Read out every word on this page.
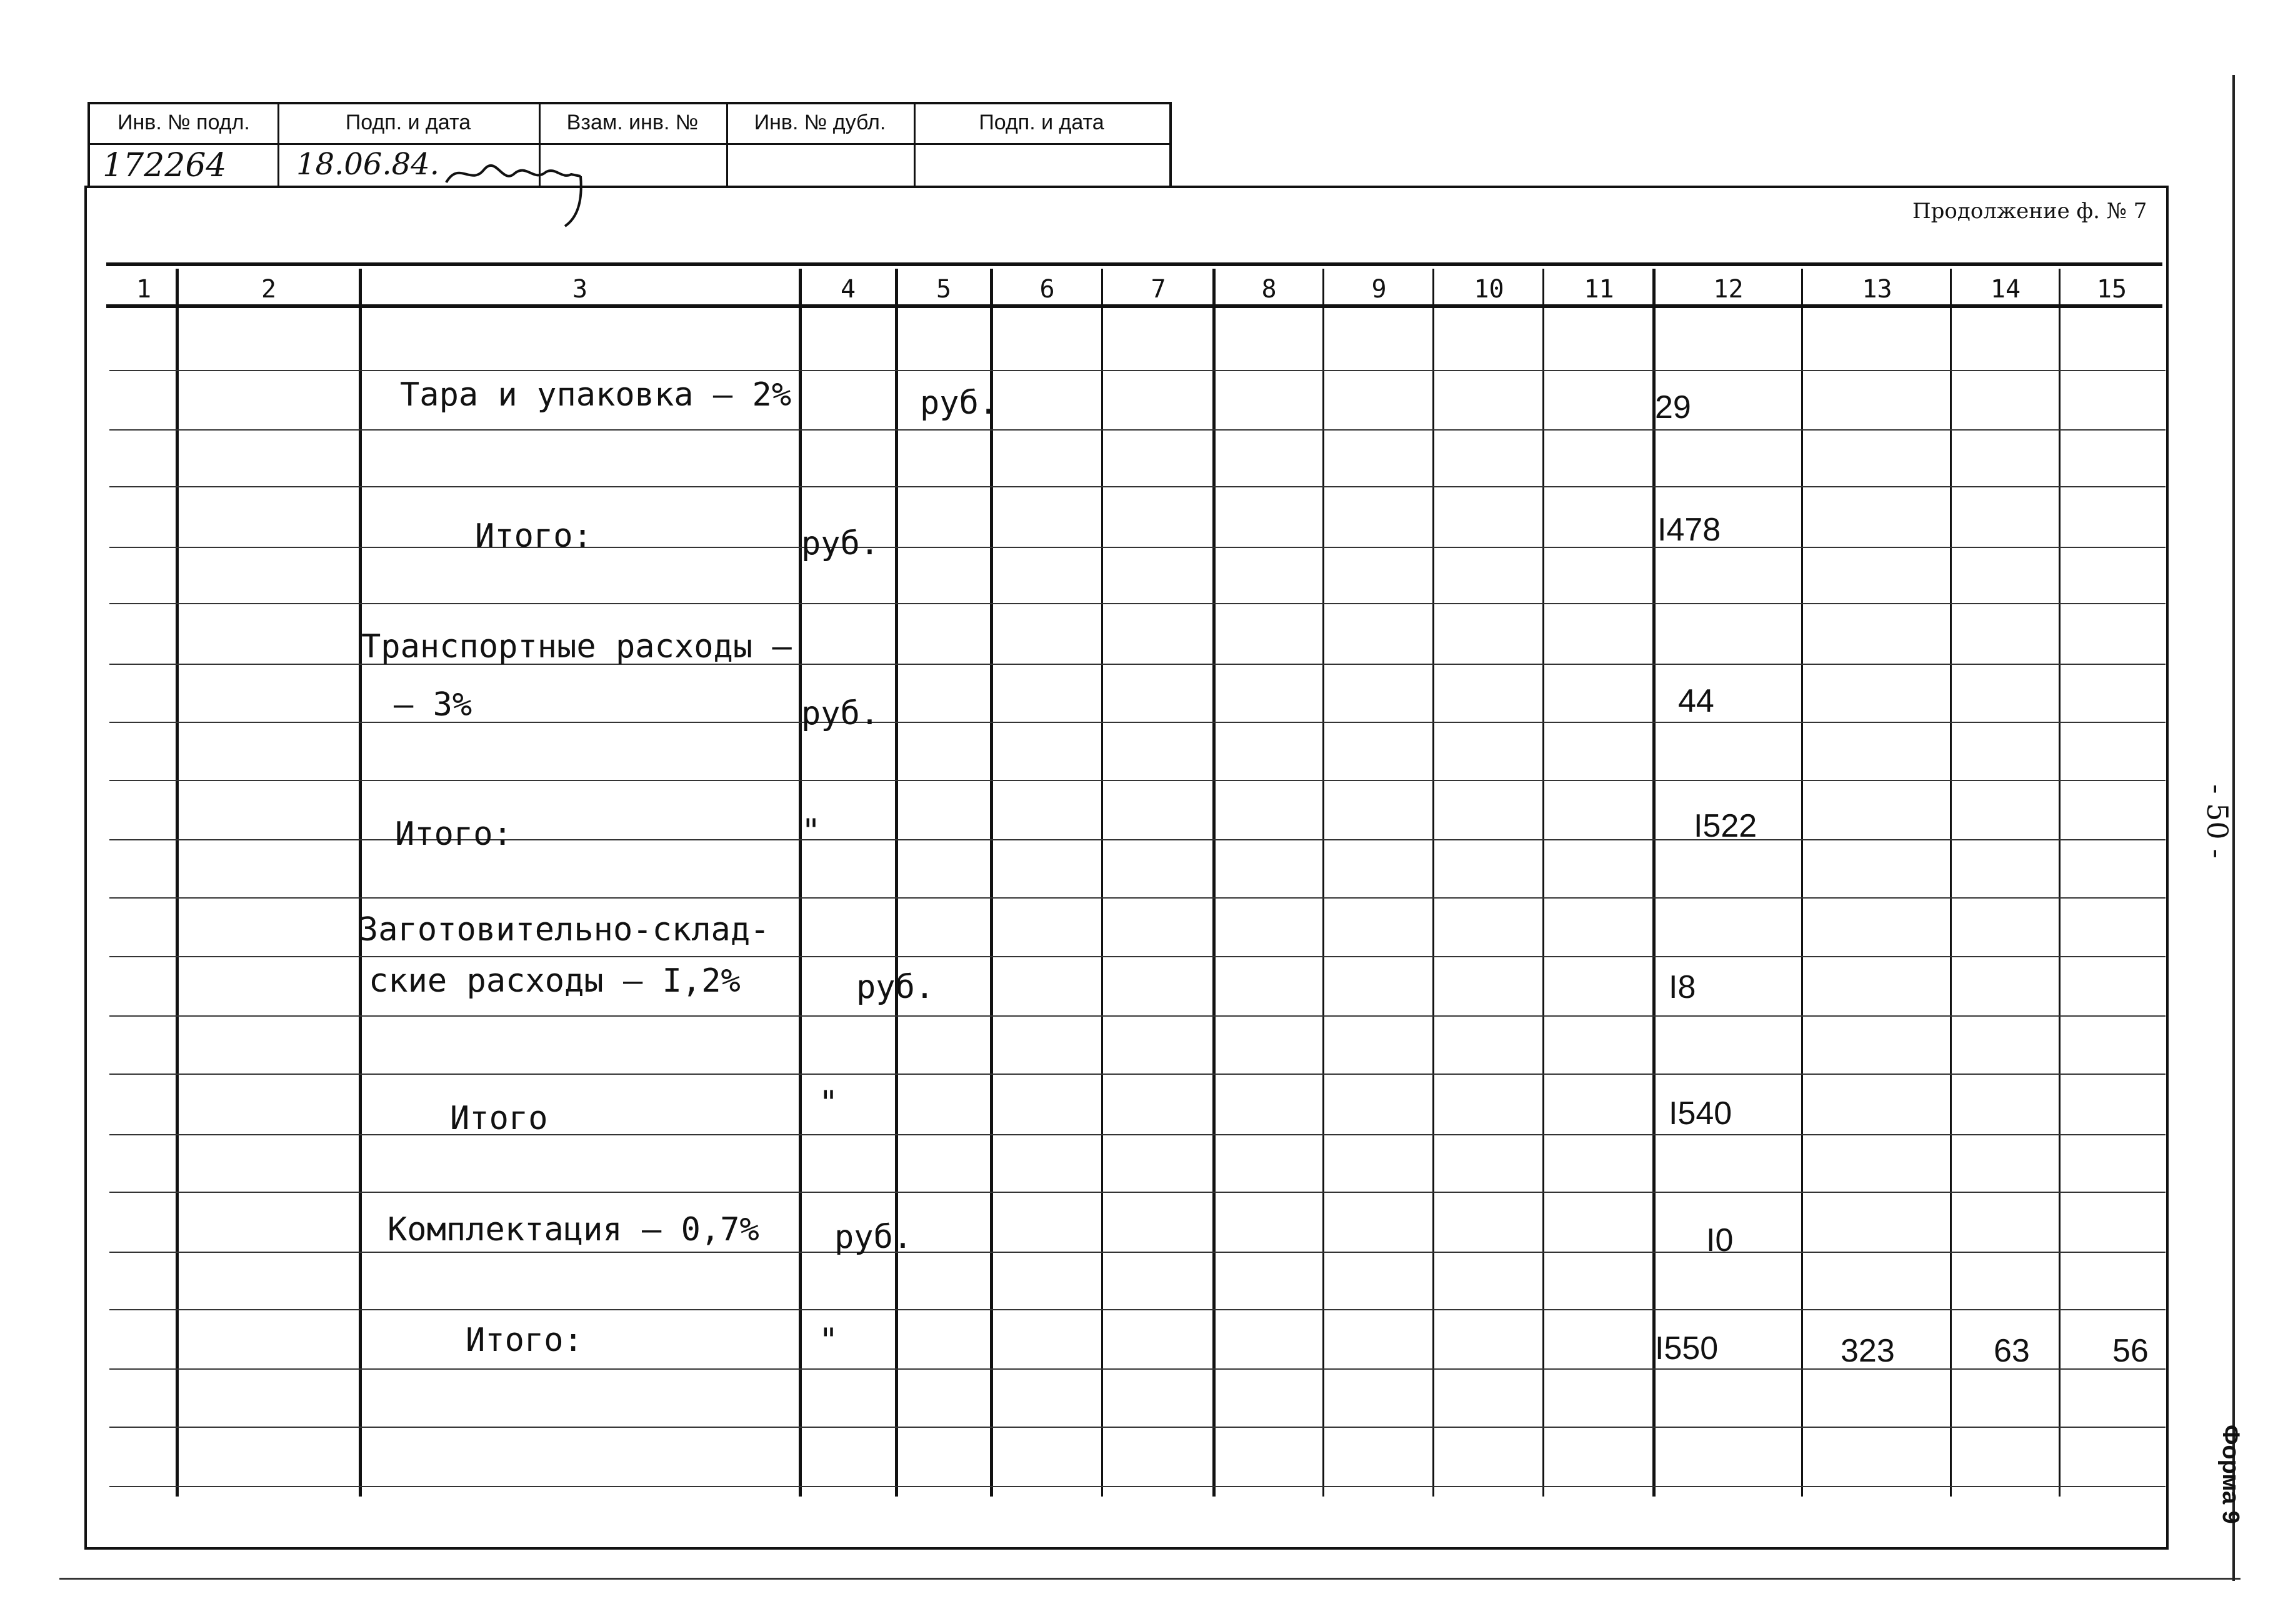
Инв. № подл.	Подп. и дата	Взам. инв. №	Инв. № дубл.	Подп. и дата
172264 18.06.84.
Продолжение ф. № 7
- 50 -
Форма 9
1	2	3	4	5	6	7	8	9	10	11	12	13	14	15
Тара и упаковка – 2%	руб.	29
Итого:	руб.	I478
Транспортные расходы –
– 3%	руб.	44
Итого:	"	I522
Заготовительно-склад-
ские расходы – I,2%	руб.	I8
Итого	"	I540
Комплектация – 0,7% руб.	I0
Итого:	"	I550	323	63	56
